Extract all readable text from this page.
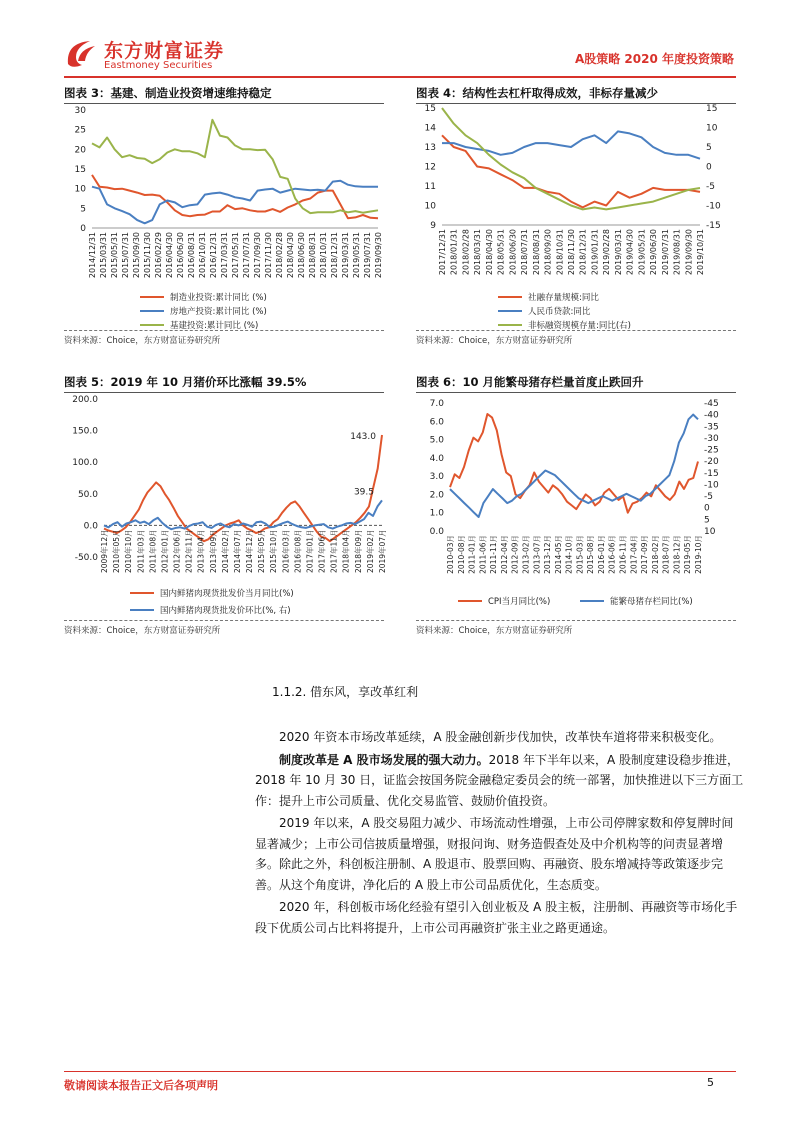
东方财富证券
Eastmoney Securities	A股策略 2020 年度投资策略
图表 3：基建、制造业投资增速维持稳定
0
5
10
15
20
25
30
2014/12/31 2015/03/31 2015/05/31 2015/07/31 2015/09/30 2015/11/30 2016/02/29 2016/04/30 2016/06/30 2016/08/31 2016/10/31 2016/12/31 2017/03/31 2017/05/31 2017/07/31 2017/09/30 2017/11/30 2018/02/28 2018/04/30 2018/06/30 2018/08/31 2018/10/31 2018/12/31 2019/03/31 2019/05/31 2019/07/31 2019/09/30
制造业投资:累计同比 (%)
房地产投资:累计同比 (%)
基建投资:累计同比 (%)
资料来源：Choice，东方财富证券研究所
图表 4：结构性去杠杆取得成效，非标存量减少
9
10
11
12
13
14
15	15
10
5
0
-5
-10
-15
2017/12/31 2018/01/31 2018/02/28 2018/03/31 2018/04/30 2018/05/31 2018/06/30 2018/07/31 2018/08/31 2018/09/30 2018/10/31 2018/11/30 2018/12/31 2019/01/31 2019/02/28 2019/03/31 2019/04/30 2019/05/31 2019/06/30 2019/07/31 2019/08/31 2019/09/30 2019/10/31
社融存量规模:同比
人民币贷款:同比
非标融资规模存量:同比(右)
资料来源：Choice，东方财富证券研究所
图表 5：2019 年 10 月猪价环比涨幅 39.5%
200.0
150.0
100.0
50.0
0.0
-50.0
143.0
39.5
2009年12月 2010年05月 2010年10月 2011年03月 2011年08月 2012年01月 2012年06月 2012年11月 2013年04月 2013年09月 2014年02月 2014年07月 2014年12月 2015年05月 2015年10月 2016年03月 2016年08月 2017年01月 2017年06月 2017年11月 2018年04月 2018年09月 2019年02月 2019年07月
国内鲜猪肉现货批发价当月同比(%)
国内鲜猪肉现货批发价环比(%, 右)
资料来源：Choice，东方财富证券研究所
图表 6：10 月能繁母猪存栏量首度止跌回升
7.0
6.0
5.0
4.0
3.0
2.0
1.0
0.0
-45
-40
-35
-30
-25
-20
-15
-10
-5
0
5
10
2010-03月 2010-08月 2011-01月 2011-06月 2011-11月 2012-04月 2012-09月 2013-02月 2013-07月 2013-12月 2014-05月 2014-10月 2015-03月 2015-08月 2016-01月 2016-06月 2016-11月 2017-04月 2017-09月 2018-02月 2018-07月 2018-12月 2019-05月 2019-10月
CPI当月同比(%)	能繁母猪存栏同比(%)
资料来源：Choice，东方财富证券研究所
1.1.2. 借东风，享改革红利

2020 年资本市场改革延续，A 股金融创新步伐加快，改革快车道将带来积极变化。

制度改革是 A 股市场发展的强大动力。2018 年下半年以来，A 股制度建设稳步推进，2018 年 10 月 30 日，证监会按国务院金融稳定委员会的统一部署，加快推进以下三方面工作：提升上市公司质量、优化交易监管、鼓励价值投资。

2019 年以来，A 股交易阻力减少、市场流动性增强，上市公司停牌家数和停复牌时间显著减少；上市公司信披质量增强，财报问询、财务造假查处及中介机构等的问责显著增多。除此之外，科创板注册制、A 股退市、股票回购、再融资、股东增减持等政策逐步完善。从这个角度讲，净化后的 A 股上市公司品质优化，生态质变。

2020 年，科创板市场化经验有望引入创业板及 A 股主板，注册制、再融资等市场化手段下优质公司占比料将提升，上市公司再融资扩张主业之路更通途。

敬请阅读本报告正文后各项声明	5
